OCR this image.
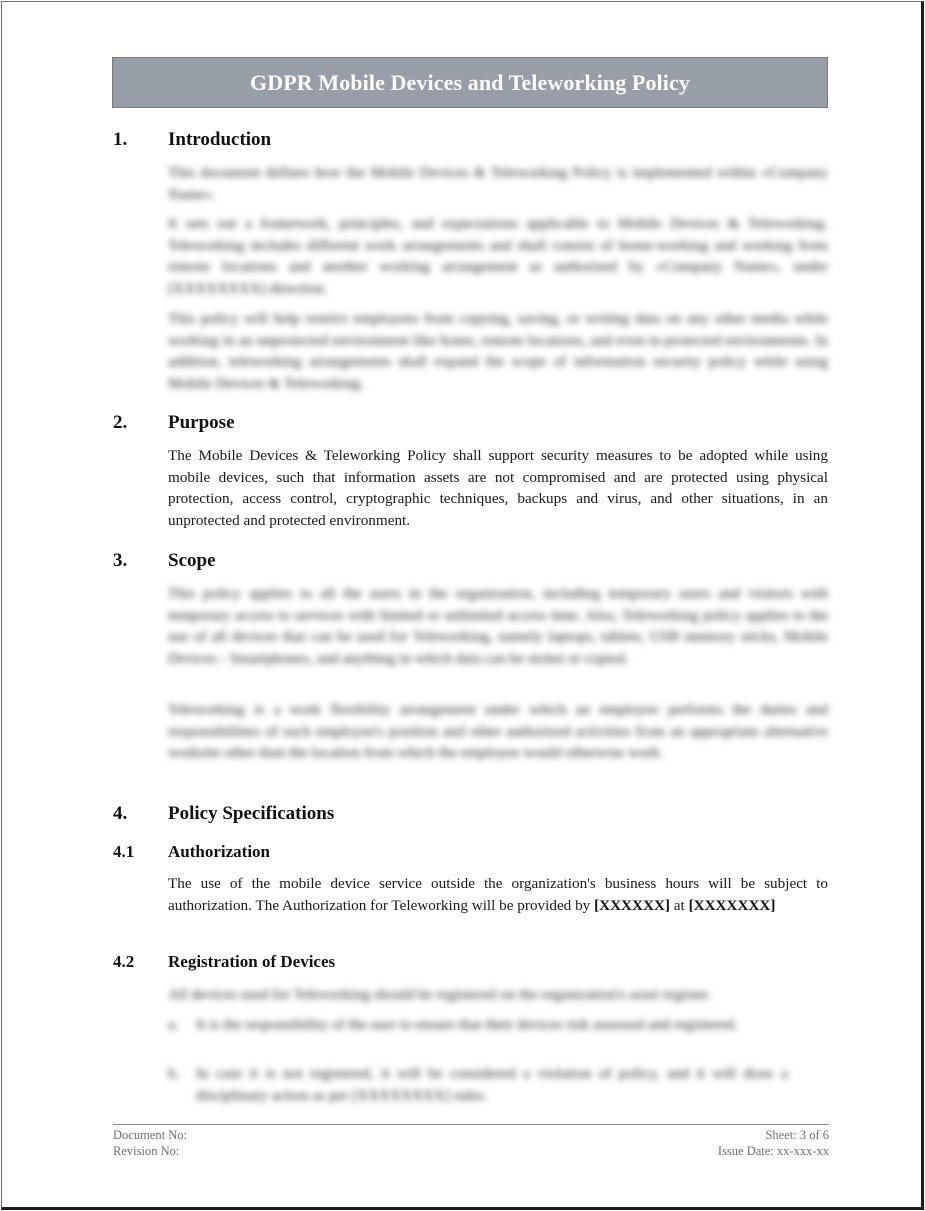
GDPR Mobile Devices and Teleworking Policy
1. Introduction
This document defines how the Mobile Devices & Teleworking Policy is implemented within «Company Name».
It sets out a framework, principles, and expectations applicable to Mobile Devices & Teleworking. Teleworking includes different work arrangements and shall consist of home-working and working from remote locations and another working arrangement as authorised by «Company Name», under [XXXXXXXX] direction.
This policy will help restrict employees from copying, saving, or writing data on any other media while working in an unprotected environment like home, remote locations, and even in protected environments. In addition, teleworking arrangements shall expand the scope of information security policy while using Mobile Devices & Teleworking.
2. Purpose
The Mobile Devices & Teleworking Policy shall support security measures to be adopted while using mobile devices, such that information assets are not compromised and are protected using physical protection, access control, cryptographic techniques, backups and virus, and other situations, in an unprotected and protected environment.
3. Scope
This policy applies to all the users in the organization, including temporary users and visitors with temporary access to services with limited or unlimited access time. Also, Teleworking policy applies to the use of all devices that can be used for Teleworking, namely laptops, tablets, USB memory sticks, Mobile Devices - Smartphones, and anything in which data can be stolen or copied.
Teleworking is a work flexibility arrangement under which an employee performs the duties and responsibilities of such employee's position and other authorized activities from an appropriate alternative worksite other than the location from which the employee would otherwise work.
4. Policy Specifications
4.1 Authorization
The use of the mobile device service outside the organization's business hours will be subject to authorization. The Authorization for Teleworking will be provided by [XXXXXX] at [XXXXXXX]
4.2 Registration of Devices
All devices used for Teleworking should be registered on the organization's asset register.
a. It is the responsibility of the user to ensure that their devices risk assessed and registered.
b. In case it is not registered, it will be considered a violation of policy, and it will draw a disciplinary action as per [XXXXXXXX] rules.
Document No:
Revision No:
Sheet: 3 of 6
Issue Date: xx-xxx-xx
